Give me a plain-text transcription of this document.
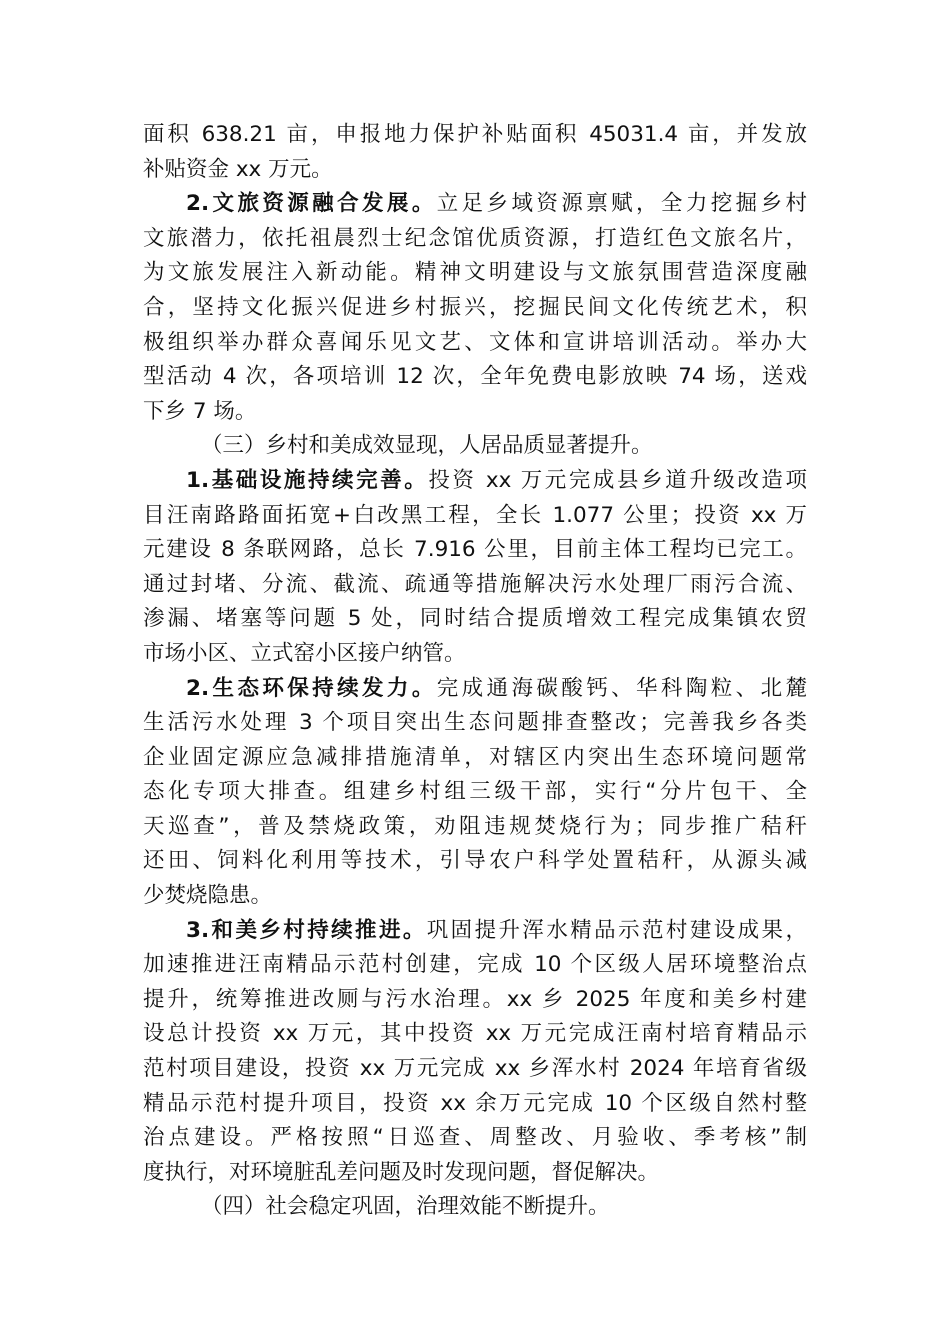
面积 638.21 亩，申报地力保护补贴面积 45031.4 亩，并发放
补贴资金 xx 万元。

2.文旅资源融合发展。立足乡域资源禀赋，全力挖掘乡村
文旅潜力，依托祖晨烈士纪念馆优质资源，打造红色文旅名片，
为文旅发展注入新动能。精神文明建设与文旅氛围营造深度融
合，坚持文化振兴促进乡村振兴，挖掘民间文化传统艺术，积
极组织举办群众喜闻乐见文艺、文体和宣讲培训活动。举办大
型活动 4 次，各项培训 12 次，全年免费电影放映 74 场，送戏
下乡 7 场。

（三）乡村和美成效显现，人居品质显著提升。

1.基础设施持续完善。投资 xx 万元完成县乡道升级改造项
目汪南路路面拓宽+白改黑工程，全长 1.077 公里；投资 xx 万
元建设 8 条联网路，总长 7.916 公里，目前主体工程均已完工。
通过封堵、分流、截流、疏通等措施解决污水处理厂雨污合流、
渗漏、堵塞等问题 5 处，同时结合提质增效工程完成集镇农贸
市场小区、立式窑小区接户纳管。

2.生态环保持续发力。完成通海碳酸钙、华科陶粒、北麓
生活污水处理 3 个项目突出生态问题排查整改；完善我乡各类
企业固定源应急减排措施清单，对辖区内突出生态环境问题常
态化专项大排查。组建乡村组三级干部，实行“分片包干、全
天巡查”，普及禁烧政策，劝阻违规焚烧行为；同步推广秸秆
还田、饲料化利用等技术，引导农户科学处置秸秆，从源头减
少焚烧隐患。

3.和美乡村持续推进。巩固提升浑水精品示范村建设成果，
加速推进汪南精品示范村创建，完成 10 个区级人居环境整治点
提升，统筹推进改厕与污水治理。xx 乡 2025 年度和美乡村建
设总计投资 xx 万元，其中投资 xx 万元完成汪南村培育精品示
范村项目建设，投资 xx 万元完成 xx 乡浑水村 2024 年培育省级
精品示范村提升项目，投资 xx 余万元完成 10 个区级自然村整
治点建设。严格按照“日巡查、周整改、月验收、季考核”制
度执行，对环境脏乱差问题及时发现问题，督促解决。

（四）社会稳定巩固，治理效能不断提升。
